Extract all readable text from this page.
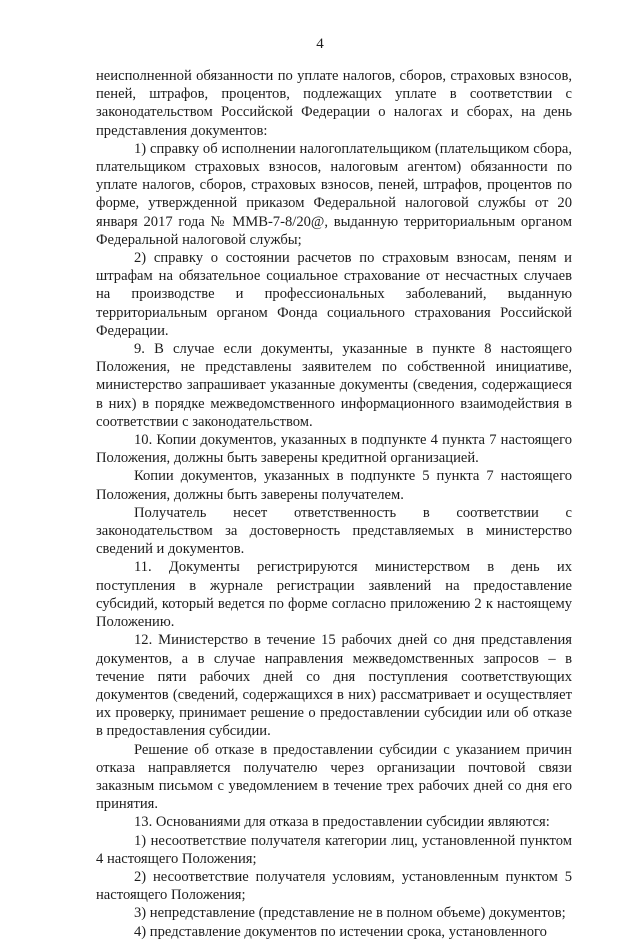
4

неисполненной обязанности по уплате налогов, сборов, страховых взносов, пеней, штрафов, процентов, подлежащих уплате в соответствии с законодательством Российской Федерации о налогах и сборах, на день представления документов:

1) справку об исполнении налогоплательщиком (плательщиком сбора, плательщиком страховых взносов, налоговым агентом) обязанности по уплате налогов, сборов, страховых взносов, пеней, штрафов, процентов по форме, утвержденной приказом Федеральной налоговой службы от 20 января 2017 года № ММВ-7-8/20@, выданную территориальным органом Федеральной налоговой службы;

2) справку о состоянии расчетов по страховым взносам, пеням и штрафам на обязательное социальное страхование от несчастных случаев на производстве и профессиональных заболеваний, выданную территориальным органом Фонда социального страхования Российской Федерации.

9. В случае если документы, указанные в пункте 8 настоящего Положения, не представлены заявителем по собственной инициативе, министерство запрашивает указанные документы (сведения, содержащиеся в них) в порядке межведомственного информационного взаимодействия в соответствии с законодательством.

10. Копии документов, указанных в подпункте 4 пункта 7 настоящего Положения, должны быть заверены кредитной организацией.

Копии документов, указанных в подпункте 5 пункта 7 настоящего Положения, должны быть заверены получателем.

Получатель несет ответственность в соответствии с законодательством за достоверность представляемых в министерство сведений и документов.

11. Документы регистрируются министерством в день их поступления в журнале регистрации заявлений на предоставление субсидий, который ведется по форме согласно приложению 2 к настоящему Положению.

12. Министерство в течение 15 рабочих дней со дня представления документов, а в случае направления межведомственных запросов – в течение пяти рабочих дней со дня поступления соответствующих документов (сведений, содержащихся в них) рассматривает и осуществляет их проверку, принимает решение о предоставлении субсидии или об отказе в предоставления субсидии.

Решение об отказе в предоставлении субсидии с указанием причин отказа направляется получателю через организации почтовой связи заказным письмом с уведомлением в течение трех рабочих дней со дня его принятия.

13. Основаниями для отказа в предоставлении субсидии являются:

1) несоответствие получателя категории лиц, установленной пунктом 4 настоящего Положения;

2) несоответствие получателя условиям, установленным пунктом 5 настоящего Положения;

3) непредставление (представление не в полном объеме) документов;

4) представление документов по истечении срока, установленного
